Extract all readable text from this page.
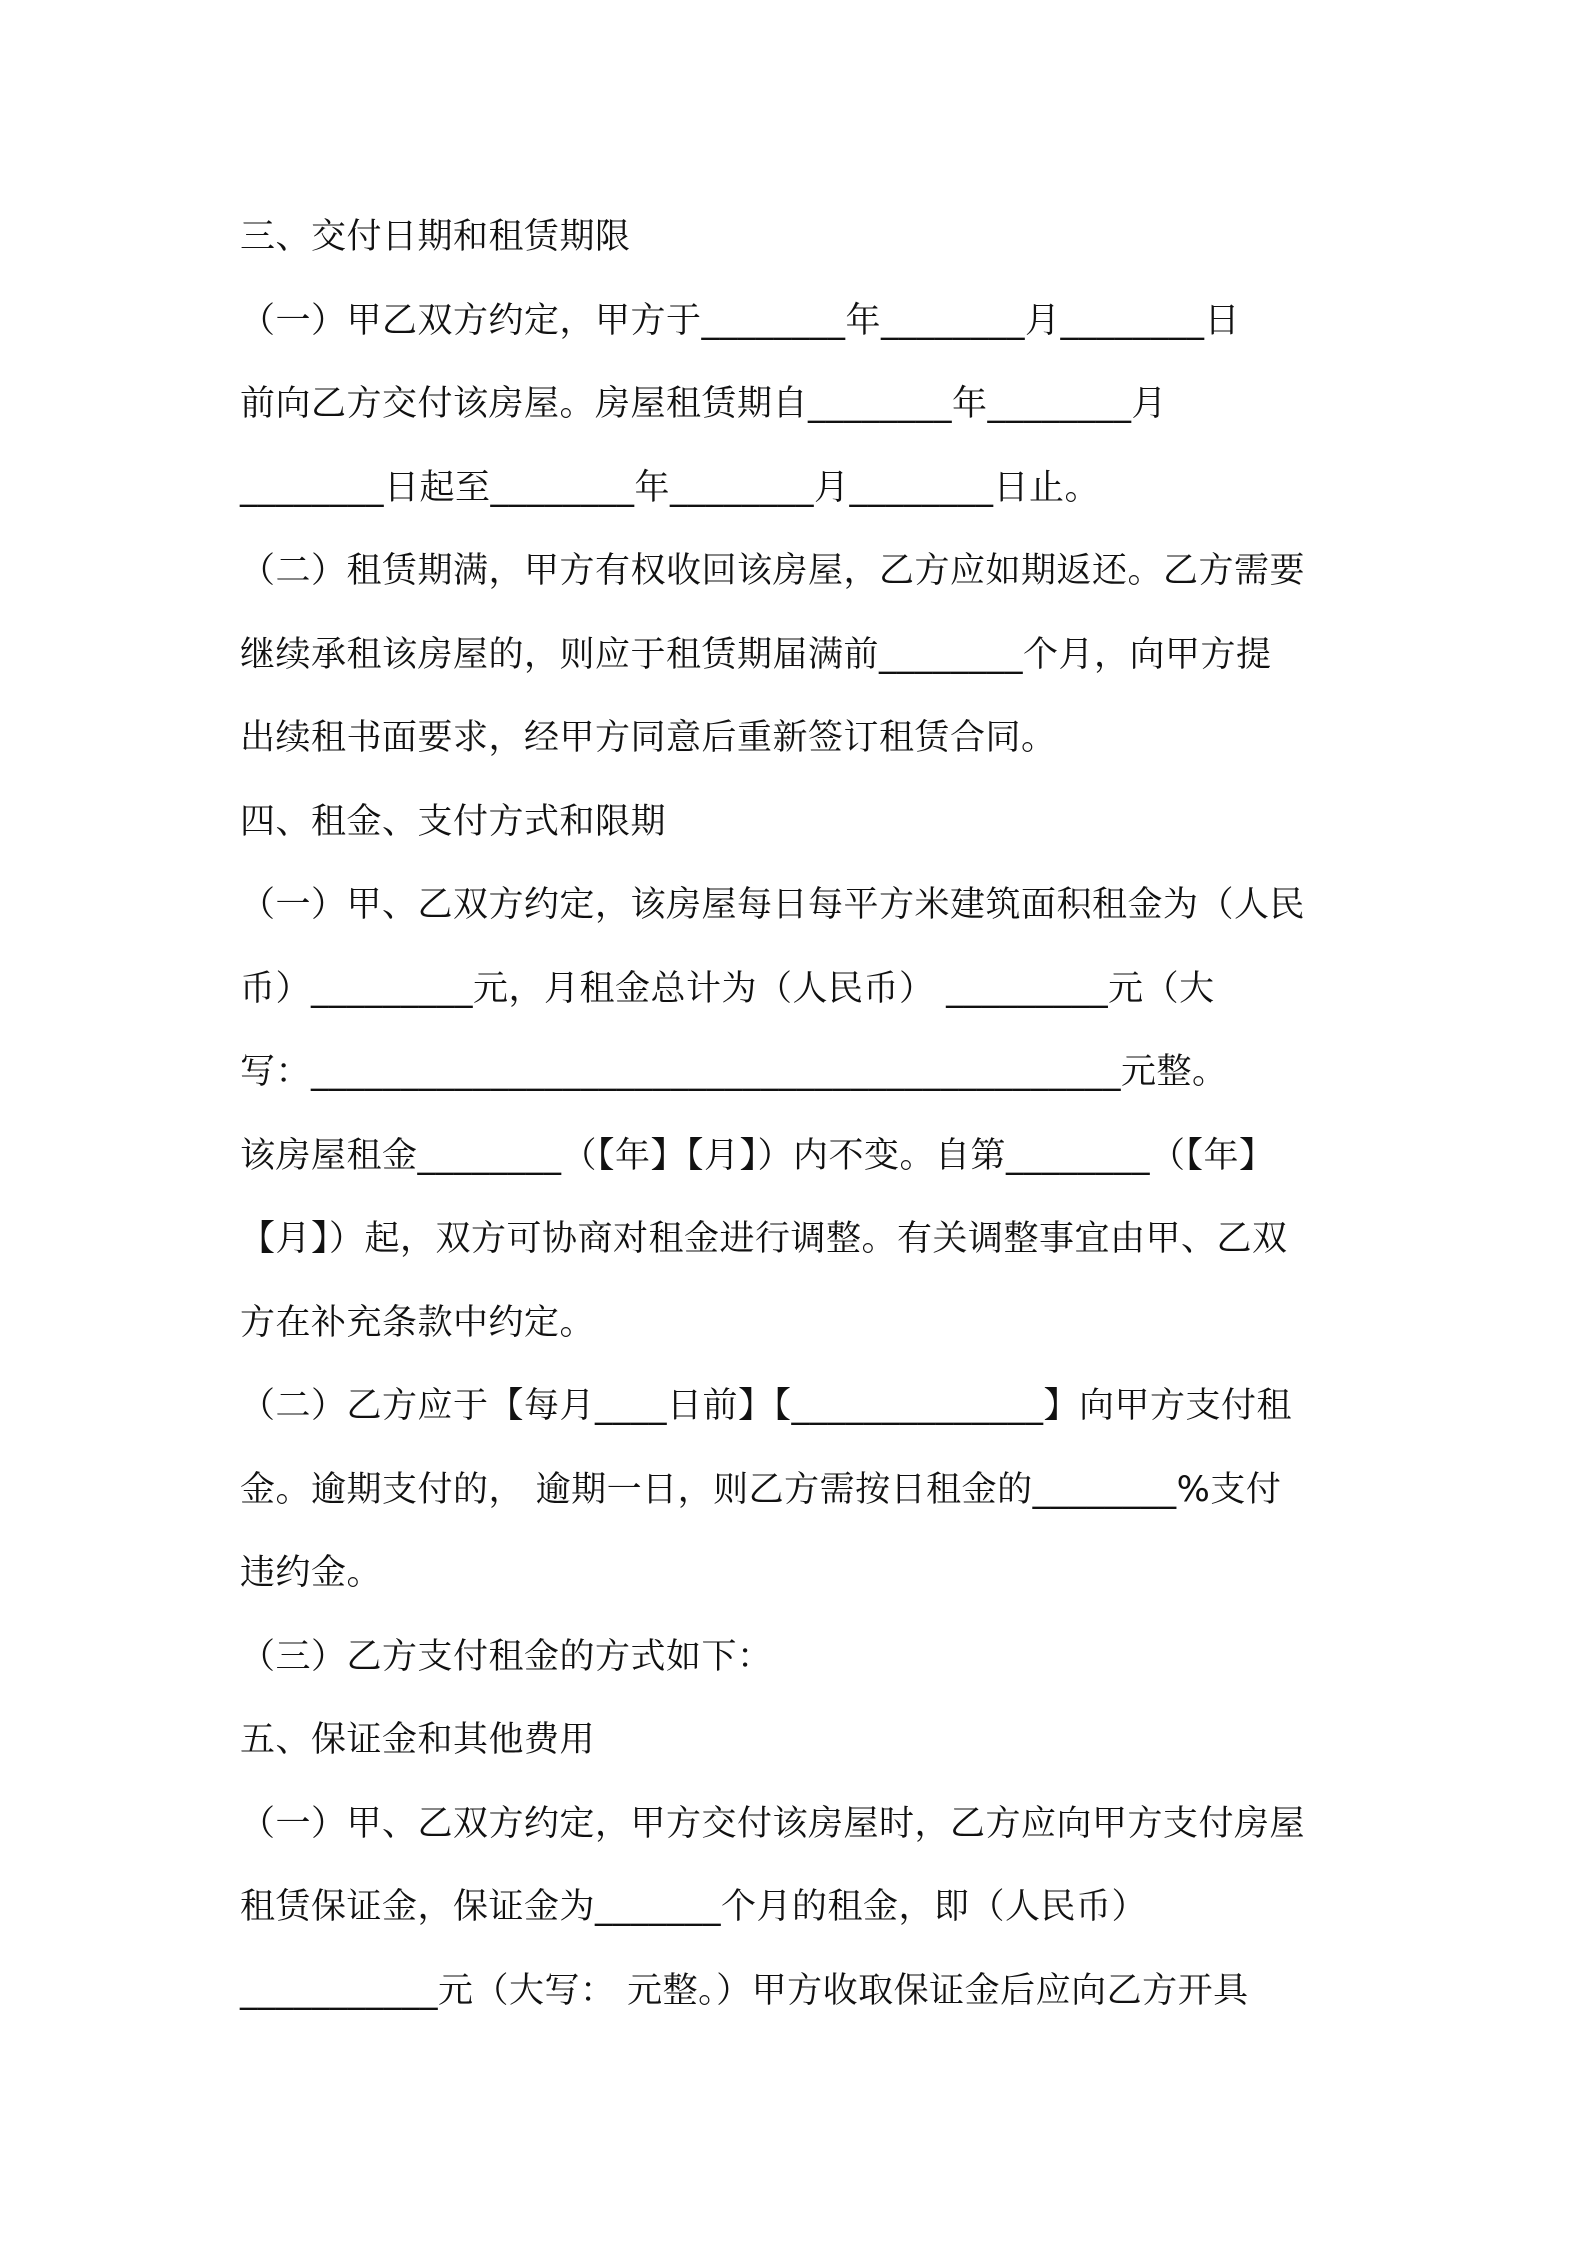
三、交付日期和租赁期限
（一）甲乙双方约定，甲方于________年________月________日
前向乙方交付该房屋。房屋租赁期自________年________月
________日起至________年________月________日止。
（二）租赁期满，甲方有权收回该房屋，乙方应如期返还。乙方需要
继续承租该房屋的，则应于租赁期届满前________个月，向甲方提
出续租书面要求，经甲方同意后重新签订租赁合同。
四、租金、支付方式和限期
（一）甲、乙双方约定，该房屋每日每平方米建筑面积租金为（人民
币）_________元，月租金总计为（人民币） _________元（大
写：_____________________________________________元整。
该房屋租金________（【年】【月】）内不变。自第________（【年】
【月】）起，双方可协商对租金进行调整。有关调整事宜由甲、乙双
方在补充条款中约定。
（二）乙方应于【每月____日前】【______________】向甲方支付租
金。逾期支付的， 逾期一日，则乙方需按日租金的________%支付
违约金。
（三）乙方支付租金的方式如下：
五、保证金和其他费用
（一）甲、乙双方约定，甲方交付该房屋时，乙方应向甲方支付房屋
租赁保证金，保证金为_______个月的租金，即（人民币）
___________元（大写： 元整。）甲方收取保证金后应向乙方开具
